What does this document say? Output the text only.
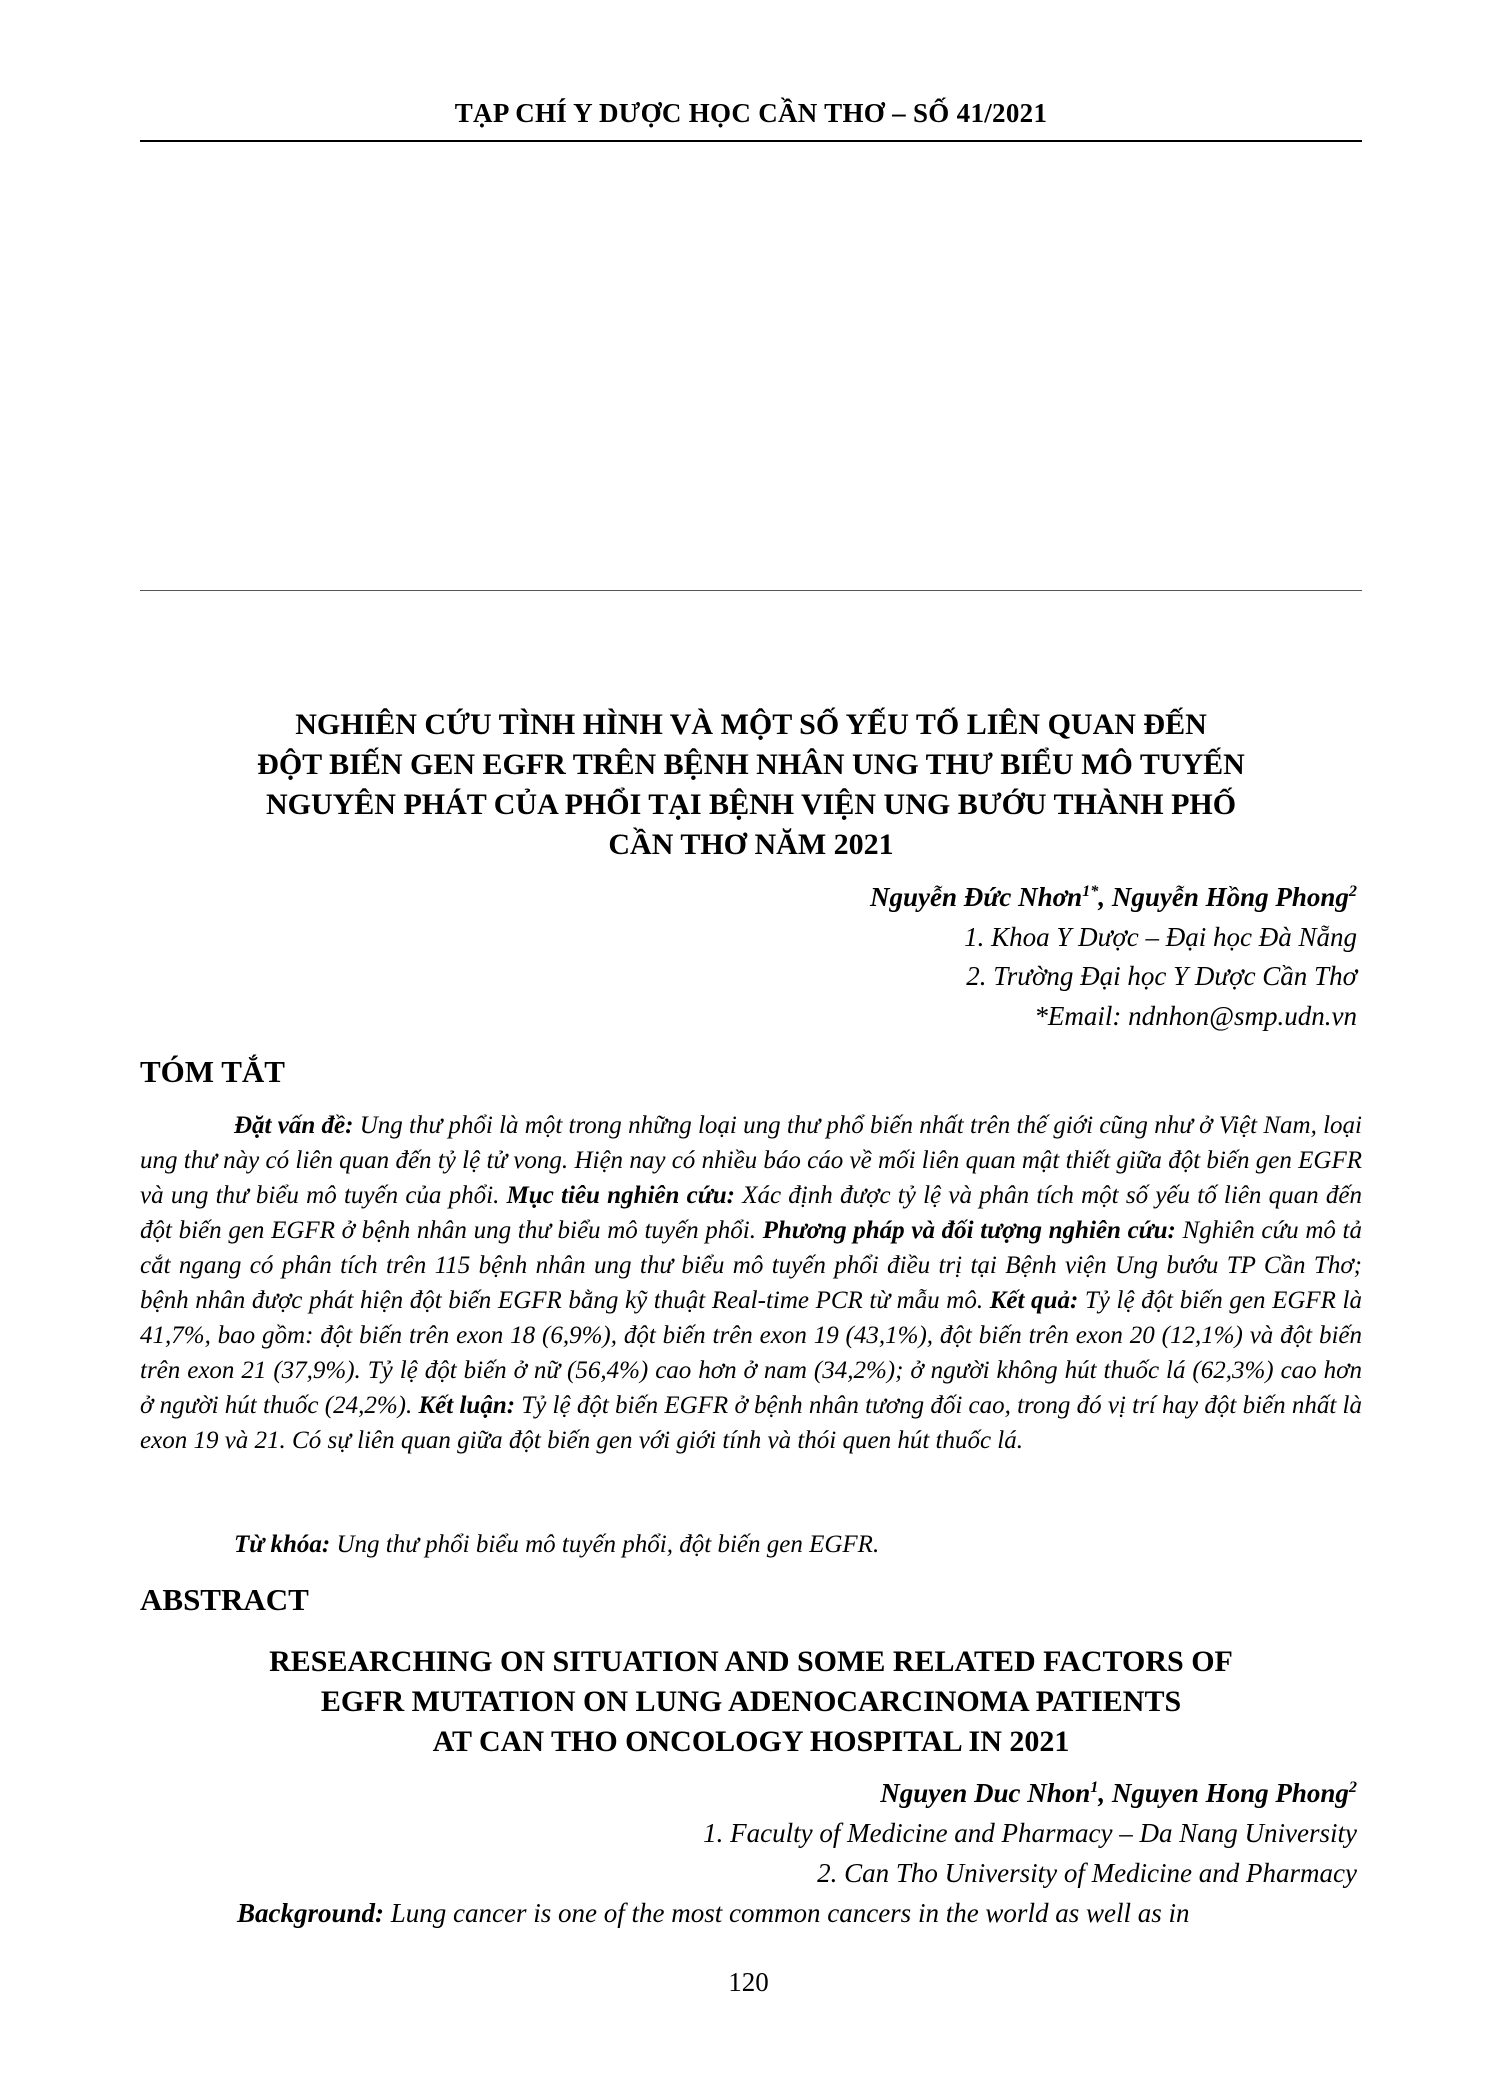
TẠP CHÍ Y DƯỢC HỌC CẦN THƠ – SỐ 41/2021
NGHIÊN CỨU TÌNH HÌNH VÀ MỘT SỐ YẾU TỐ LIÊN QUAN ĐẾN
ĐỘT BIẾN GEN EGFR TRÊN BỆNH NHÂN UNG THƯ BIỂU MÔ TUYẾN
NGUYÊN PHÁT CỦA PHỔI TẠI BỆNH VIỆN UNG BƯỚU THÀNH PHỐ
CẦN THƠ NĂM 2021
Nguyễn Đức Nhơn$^{1*}$, Nguyễn Hồng Phong$^2$
1. Khoa Y Dược – Đại học Đà Nẵng
2. Trường Đại học Y Dược Cần Thơ
*Email: ndnhon@smp.udn.vn
TÓM TẮT
Đặt vấn đề: Ung thư phổi là một trong những loại ung thư phổ biến nhất trên thế giới cũng như ở Việt Nam, loại ung thư này có liên quan đến tỷ lệ tử vong. Hiện nay có nhiều báo cáo về mối liên quan mật thiết giữa đột biến gen EGFR và ung thư biểu mô tuyến của phổi. Mục tiêu nghiên cứu: Xác định được tỷ lệ và phân tích một số yếu tố liên quan đến đột biến gen EGFR ở bệnh nhân ung thư biểu mô tuyến phổi. Phương pháp và đối tượng nghiên cứu: Nghiên cứu mô tả cắt ngang có phân tích trên 115 bệnh nhân ung thư biểu mô tuyến phổi điều trị tại Bệnh viện Ung bướu TP Cần Thơ; bệnh nhân được phát hiện đột biến EGFR bằng kỹ thuật Real-time PCR từ mẫu mô. Kết quả: Tỷ lệ đột biến gen EGFR là 41,7%, bao gồm: đột biến trên exon 18 (6,9%), đột biến trên exon 19 (43,1%), đột biến trên exon 20 (12,1%) và đột biến trên exon 21 (37,9%). Tỷ lệ đột biến ở nữ (56,4%) cao hơn ở nam (34,2%); ở người không hút thuốc lá (62,3%) cao hơn ở người hút thuốc (24,2%). Kết luận: Tỷ lệ đột biến EGFR ở bệnh nhân tương đối cao, trong đó vị trí hay đột biến nhất là exon 19 và 21. Có sự liên quan giữa đột biến gen với giới tính và thói quen hút thuốc lá.
Từ khóa: Ung thư phổi biểu mô tuyến phổi, đột biến gen EGFR.
ABSTRACT
RESEARCHING ON SITUATION AND SOME RELATED FACTORS OF
EGFR MUTATION ON LUNG ADENOCARCINOMA PATIENTS
AT CAN THO ONCOLOGY HOSPITAL IN 2021
Nguyen Duc Nhon$^1$, Nguyen Hong Phong$^2$
1. Faculty of Medicine and Pharmacy – Da Nang University
2. Can Tho University of Medicine and Pharmacy
Background: Lung cancer is one of the most common cancers in the world as well as in
120
